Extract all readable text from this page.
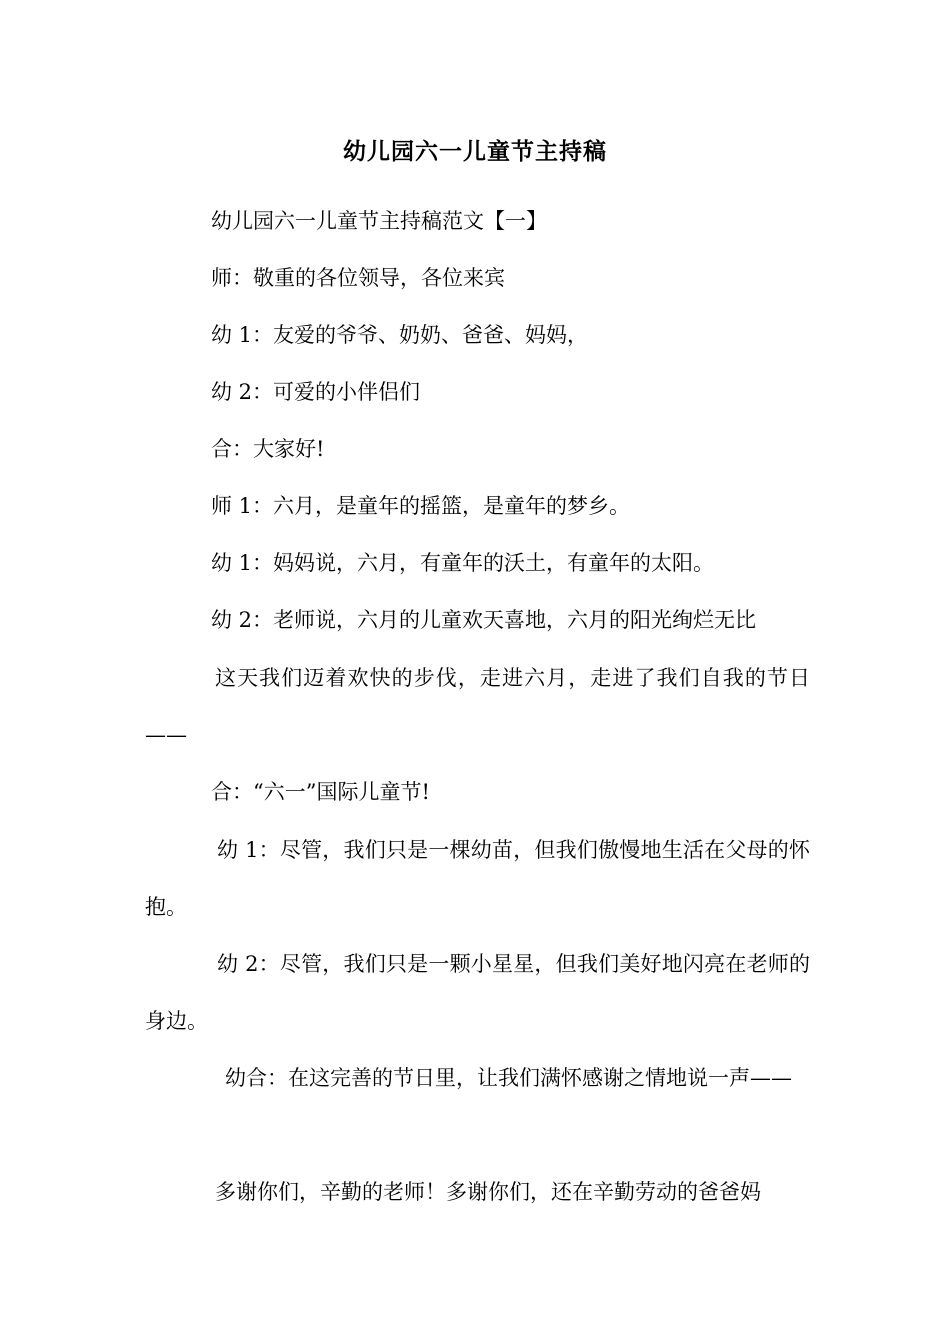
幼儿园六一儿童节主持稿
幼儿园六一儿童节主持稿范文【一】
师：敬重的各位领导，各位来宾
幼 1：友爱的爷爷、奶奶、爸爸、妈妈，
幼 2：可爱的小伴侣们
合：大家好!
师 1：六月，是童年的摇篮，是童年的梦乡。
幼 1：妈妈说，六月，有童年的沃土，有童年的太阳。
幼 2：老师说，六月的儿童欢天喜地，六月的阳光绚烂无比
这天我们迈着欢快的步伐，走进六月，走进了我们自我的节日——
合：“六一”国际儿童节!
幼 1：尽管，我们只是一棵幼苗，但我们傲慢地生活在父母的怀抱。
幼 2：尽管，我们只是一颗小星星，但我们美好地闪亮在老师的身边。
幼合：在这完善的节日里，让我们满怀感谢之情地说一声——
多谢你们，辛勤的老师！多谢你们，还在辛勤劳动的爸爸妈
